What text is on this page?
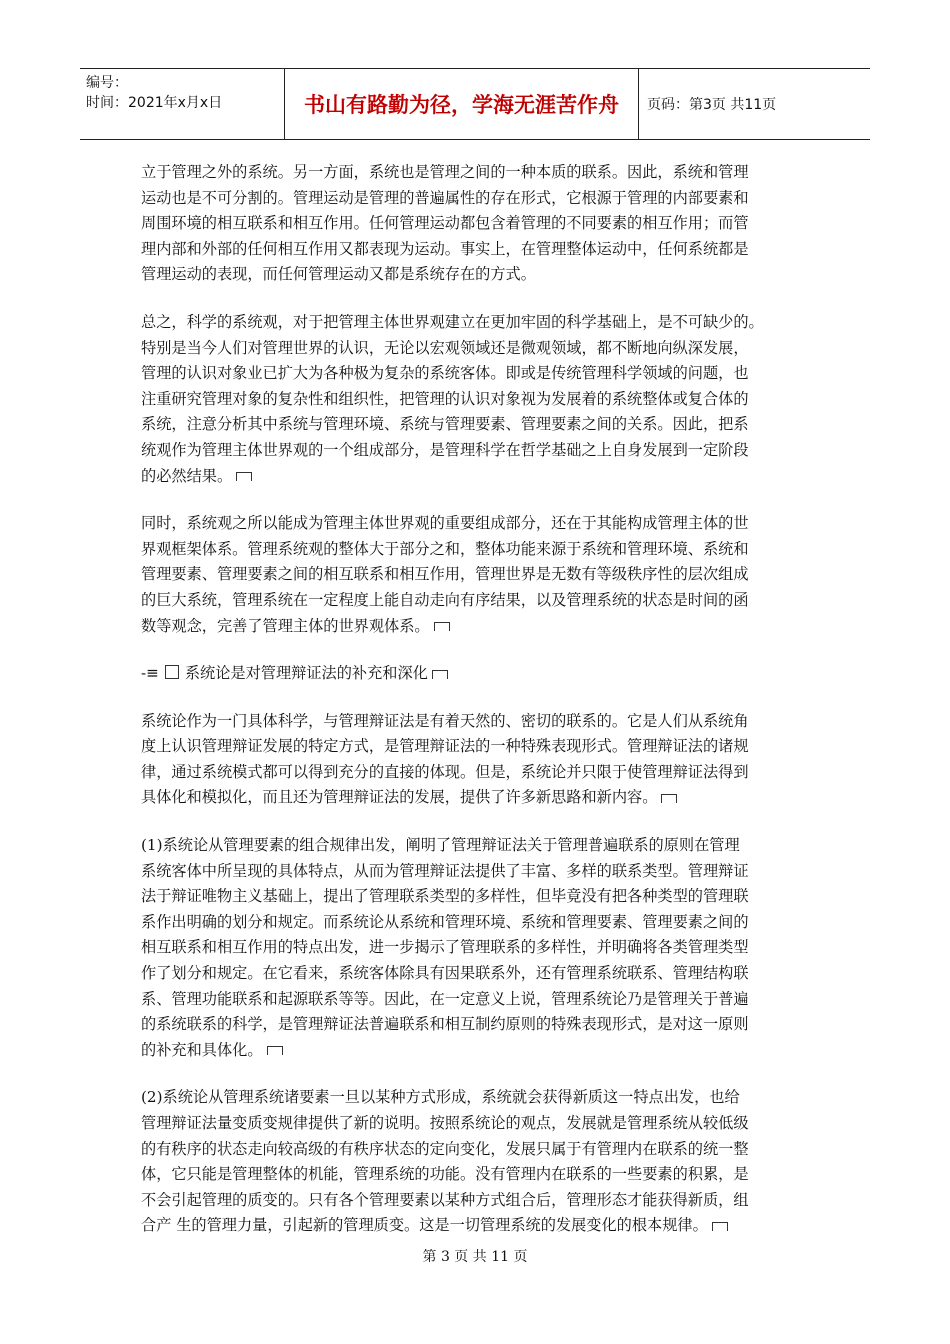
编号：
时间：2021年x月x日	书山有路勤为径，学海无涯苦作舟	页码：第3页 共11页

立于管理之外的系统。另一方面，系统也是管理之间的一种本质的联系。因此，系统和管理

运动也是不可分割的。管理运动是管理的普遍属性的存在形式，它根源于管理的内部要素和

周围环境的相互联系和相互作用。任何管理运动都包含着管理的不同要素的相互作用；而管

理内部和外部的任何相互作用又都表现为运动。事实上，在管理整体运动中，任何系统都是

管理运动的表现，而任何管理运动又都是系统存在的方式。

总之，科学的系统观，对于把管理主体世界观建立在更加牢固的科学基础上，是不可缺少的。

特别是当今人们对管理世界的认识，无论以宏观领域还是微观领域，都不断地向纵深发展，

管理的认识对象业已扩大为各种极为复杂的系统客体。即或是传统管理科学领域的问题，也

注重研究管理对象的复杂性和组织性，把管理的认识对象视为发展着的系统整体或复合体的

系统，注意分析其中系统与管理环境、系统与管理要素、管理要素之间的关系。因此，把系

统观作为管理主体世界观的一个组成部分，是管理科学在哲学基础之上自身发展到一定阶段

的必然结果。

同时，系统观之所以能成为管理主体世界观的重要组成部分，还在于其能构成管理主体的世

界观框架体系。管理系统观的整体大于部分之和，整体功能来源于系统和管理环境、系统和

管理要素、管理要素之间的相互联系和相互作用，管理世界是无数有等级秩序性的层次组成

的巨大系统，管理系统在一定程度上能自动走向有序结果，以及管理系统的状态是时间的函

数等观念，完善了管理主体的世界观体系。

-≡ 系统论是对管理辩证法的补充和深化

系统论作为一门具体科学，与管理辩证法是有着天然的、密切的联系的。它是人们从系统角

度上认识管理辩证发展的特定方式，是管理辩证法的一种特殊表现形式。管理辩证法的诸规

律，通过系统模式都可以得到充分的直接的体现。但是，系统论并只限于使管理辩证法得到

具体化和模拟化，而且还为管理辩证法的发展，提供了许多新思路和新内容。

(1)系统论从管理要素的组合规律出发，阐明了管理辩证法关于管理普遍联系的原则在管理

系统客体中所呈现的具体特点，从而为管理辩证法提供了丰富、多样的联系类型。管理辩证

法于辩证唯物主义基础上，提出了管理联系类型的多样性，但毕竟没有把各种类型的管理联

系作出明确的划分和规定。而系统论从系统和管理环境、系统和管理要素、管理要素之间的

相互联系和相互作用的特点出发，进一步揭示了管理联系的多样性，并明确将各类管理类型

作了划分和规定。在它看来，系统客体除具有因果联系外，还有管理系统联系、管理结构联

系、管理功能联系和起源联系等等。因此，在一定意义上说，管理系统论乃是管理关于普遍

的系统联系的科学，是管理辩证法普遍联系和相互制约原则的特殊表现形式，是对这一原则

的补充和具体化。

(2)系统论从管理系统诸要素一旦以某种方式形成，系统就会获得新质这一特点出发，也给

管理辩证法量变质变规律提供了新的说明。按照系统论的观点，发展就是管理系统从较低级

的有秩序的状态走向较高级的有秩序状态的定向变化，发展只属于有管理内在联系的统一整

体，它只能是管理整体的机能，管理系统的功能。没有管理内在联系的一些要素的积累，是

不会引起管理的质变的。只有各个管理要素以某种方式组合后，管理形态才能获得新质，组

合产 生的管理力量，引起新的管理质变。这是一切管理系统的发展变化的根本规律。

第 3 页 共 11 页
